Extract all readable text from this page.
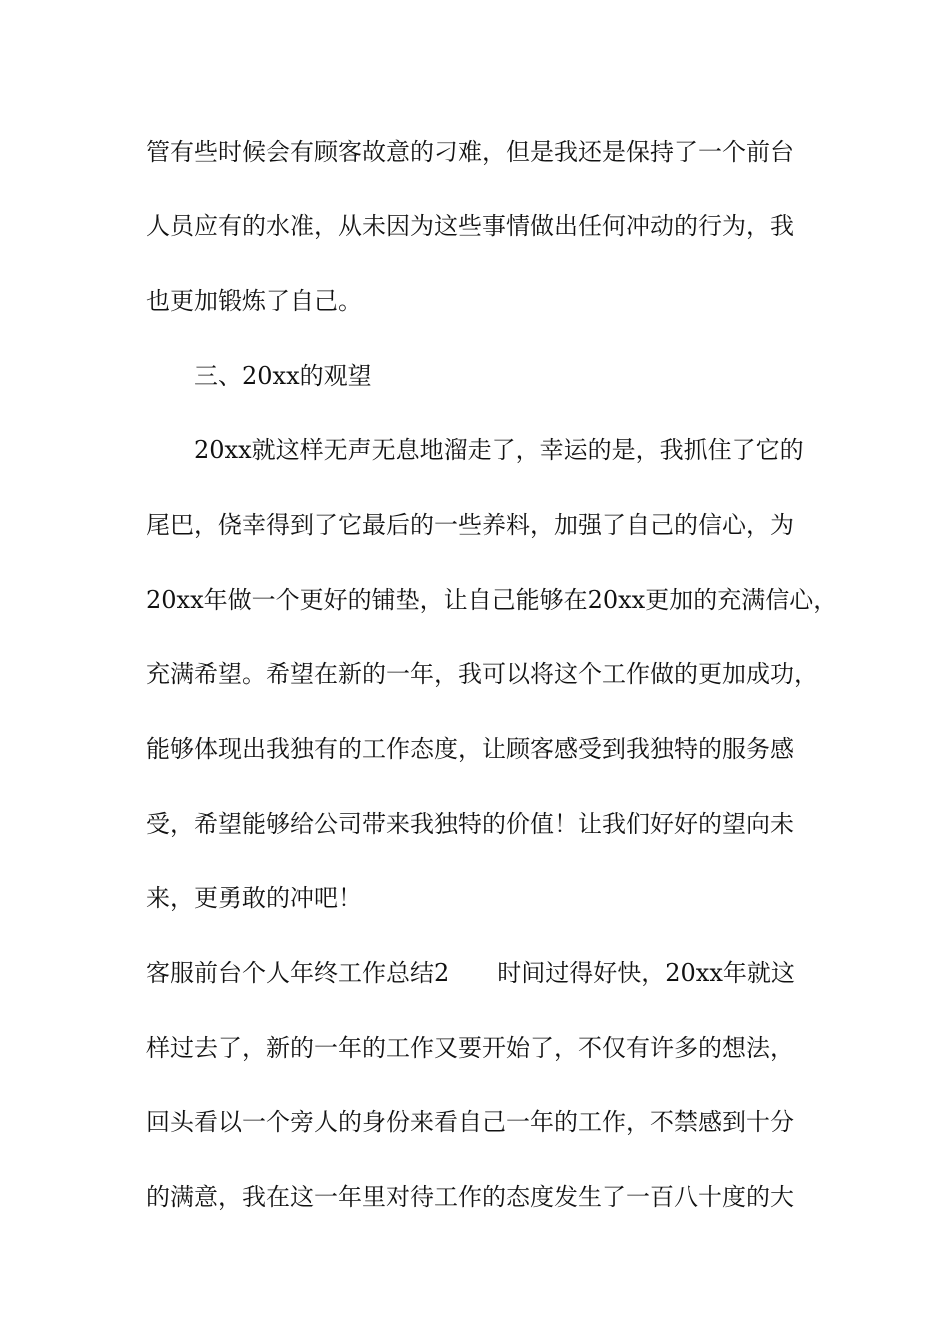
管有些时候会有顾客故意的刁难，但是我还是保持了一个前台
人员应有的水准，从未因为这些事情做出任何冲动的行为，我
也更加锻炼了自己。
三、20xx的观望
20xx就这样无声无息地溜走了，幸运的是，我抓住了它的
尾巴，侥幸得到了它最后的一些养料，加强了自己的信心，为
20xx年做一个更好的铺垫，让自己能够在20xx更加的充满信心，
充满希望。希望在新的一年，我可以将这个工作做的更加成功，
能够体现出我独有的工作态度，让顾客感受到我独特的服务感
受，希望能够给公司带来我独特的价值！让我们好好的望向未
来，更勇敢的冲吧！
客服前台个人年终工作总结2　　时间过得好快，20xx年就这
样过去了，新的一年的工作又要开始了，不仅有许多的想法，
回头看以一个旁人的身份来看自己一年的工作，不禁感到十分
的满意，我在这一年里对待工作的态度发生了一百八十度的大
